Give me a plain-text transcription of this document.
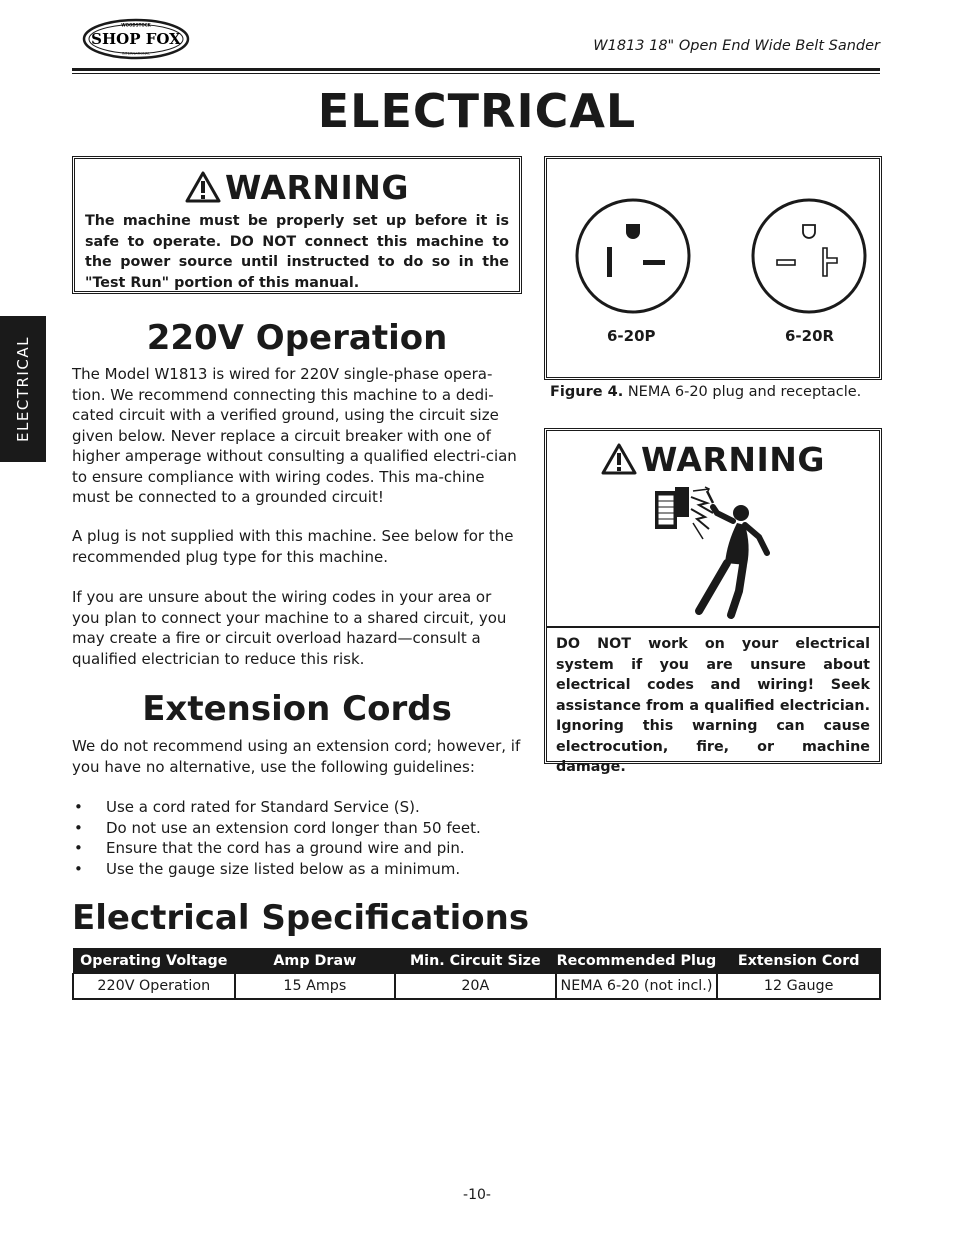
WOODSTOCK
SHOP FOX
INTERNATIONAL	W1813 18" Open End Wide Belt Sander
ELECTRICAL
ELECTRICAL
WARNING
The machine must be properly set up before it is safe to operate. DO NOT connect this machine to the power source until instructed to do so in the "Test Run" portion of this manual.
6-20P	6-20R
Figure 4. NEMA 6-20 plug and receptacle.
WARNING
DO NOT work on your electrical system if you are unsure about electrical codes and wiring! Seek assistance from a qualified electrician. Ignoring this warning can cause electrocution, fire, or machine damage.
220V Operation
The Model W1813 is wired for 220V single-phase opera-tion. We recommend connecting this machine to a dedi-cated circuit with a verified ground, using the circuit size given below. Never replace a circuit breaker with one of higher amperage without consulting a qualified electri-cian to ensure compliance with wiring codes. This ma-chine must be connected to a grounded circuit!
A plug is not supplied with this machine. See below for the recommended plug type for this machine.
If you are unsure about the wiring codes in your area or you plan to connect your machine to a shared circuit, you may create a fire or circuit overload hazard—consult a qualified electrician to reduce this risk.
Extension Cords
We do not recommend using an extension cord; however, if you have no alternative, use the following guidelines:
• Use a cord rated for Standard Service (S).
• Do not use an extension cord longer than 50 feet.
• Ensure that the cord has a ground wire and pin.
• Use the gauge size listed below as a minimum.
Electrical Specifications
Operating Voltage	Amp Draw	Min. Circuit Size	Recommended Plug	Extension Cord
220V Operation	15 Amps	20A	NEMA 6-20 (not incl.)	12 Gauge
-10-
